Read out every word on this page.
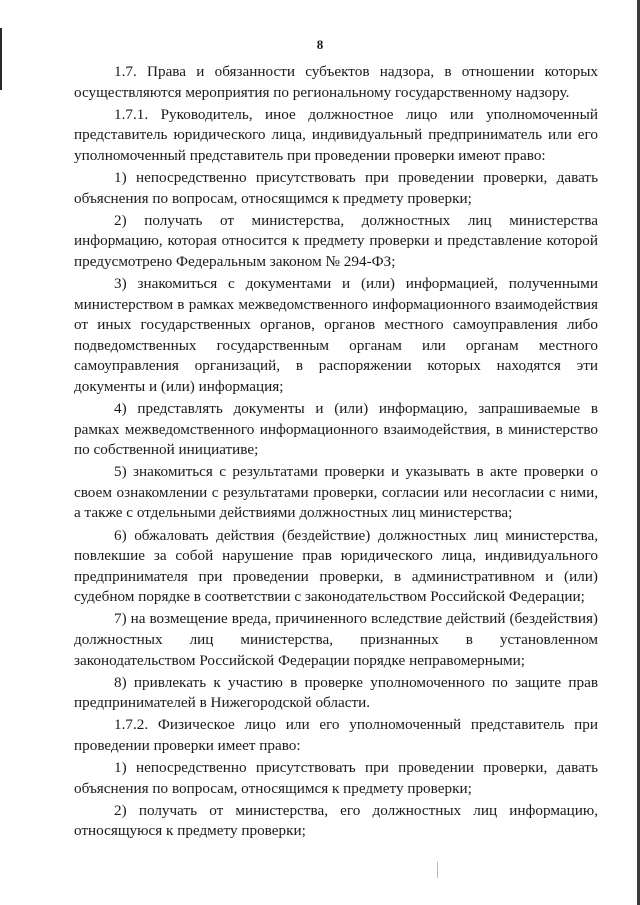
8

1.7. Права и обязанности субъектов надзора, в отношении которых осуществляются мероприятия по региональному государственному надзору.

1.7.1. Руководитель, иное должностное лицо или уполномоченный представитель юридического лица, индивидуальный предприниматель или его уполномоченный представитель при проведении проверки имеют право:

1) непосредственно присутствовать при проведении проверки, давать объяснения по вопросам, относящимся к предмету проверки;

2) получать от министерства, должностных лиц министерства информацию, которая относится к предмету проверки и представление которой предусмотрено Федеральным законом № 294-ФЗ;

3) знакомиться с документами и (или) информацией, полученными министерством в рамках межведомственного информационного взаимодействия от иных государственных органов, органов местного самоуправления либо подведомственных государственным органам или органам местного самоуправления организаций, в распоряжении которых находятся эти документы и (или) информация;

4) представлять документы и (или) информацию, запрашиваемые в рамках межведомственного информационного взаимодействия, в министерство по собственной инициативе;

5) знакомиться с результатами проверки и указывать в акте проверки о своем ознакомлении с результатами проверки, согласии или несогласии с ними, а также с отдельными действиями должностных лиц министерства;

6) обжаловать действия (бездействие) должностных лиц министерства, повлекшие за собой нарушение прав юридического лица, индивидуального предпринимателя при проведении проверки, в административном и (или) судебном порядке в соответствии с законодательством Российской Федерации;

7) на возмещение вреда, причиненного вследствие действий (бездействия) должностных лиц министерства, признанных в установленном законодательством Российской Федерации порядке неправомерными;

8) привлекать к участию в проверке уполномоченного по защите прав предпринимателей в Нижегородской области.

1.7.2. Физическое лицо или его уполномоченный представитель при проведении проверки имеет право:

1) непосредственно присутствовать при проведении проверки, давать объяснения по вопросам, относящимся к предмету проверки;

2) получать от министерства, его должностных лиц информацию, относящуюся к предмету проверки;
